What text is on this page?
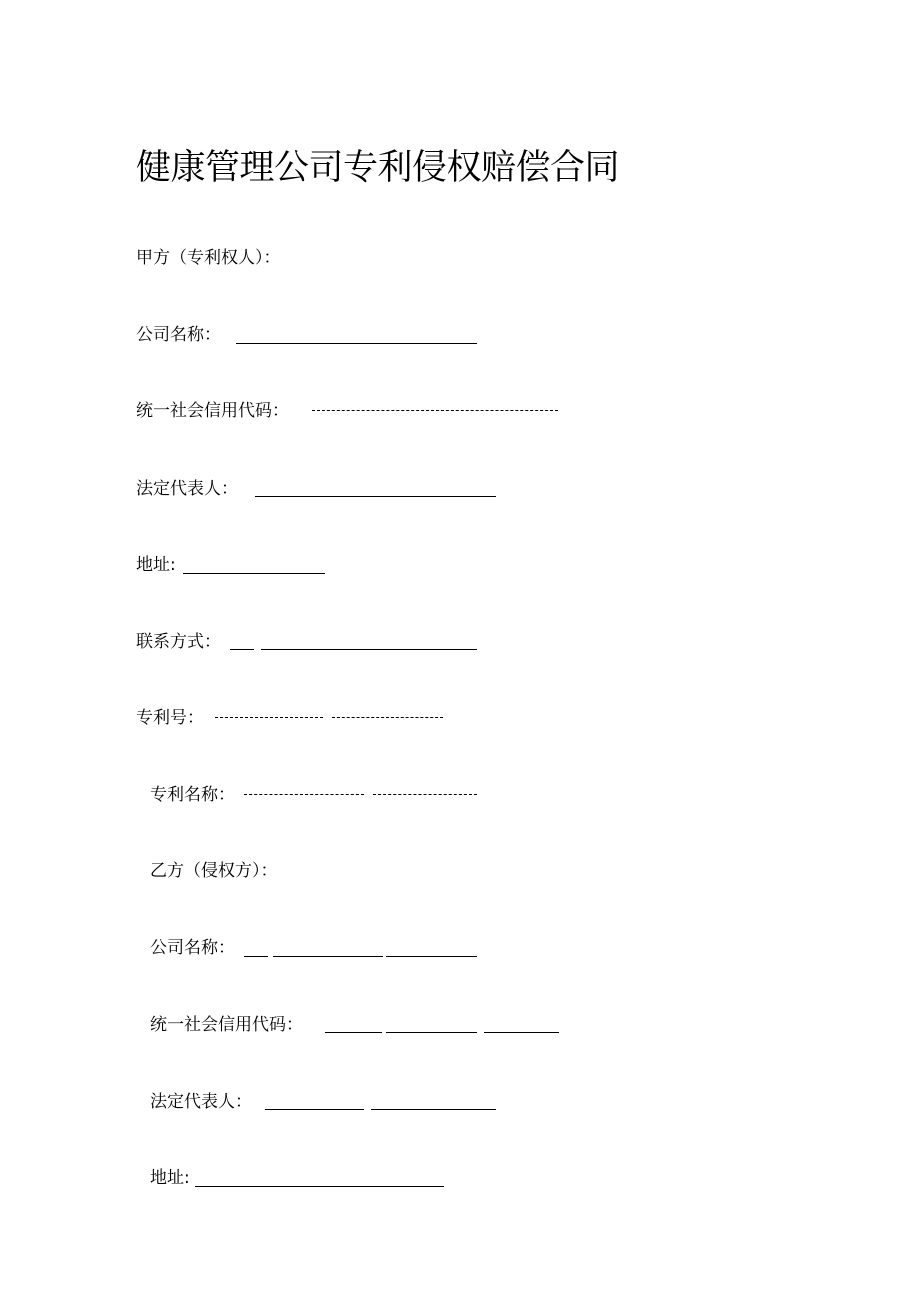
健康管理公司专利侵权赔偿合同
甲方（专利权人）：
公司名称：
统一社会信用代码：
法定代表人：
地址:
联系方式：
专利号：
专利名称：
乙方（侵权方）：
公司名称：
统一社会信用代码：
法定代表人：
地址:
